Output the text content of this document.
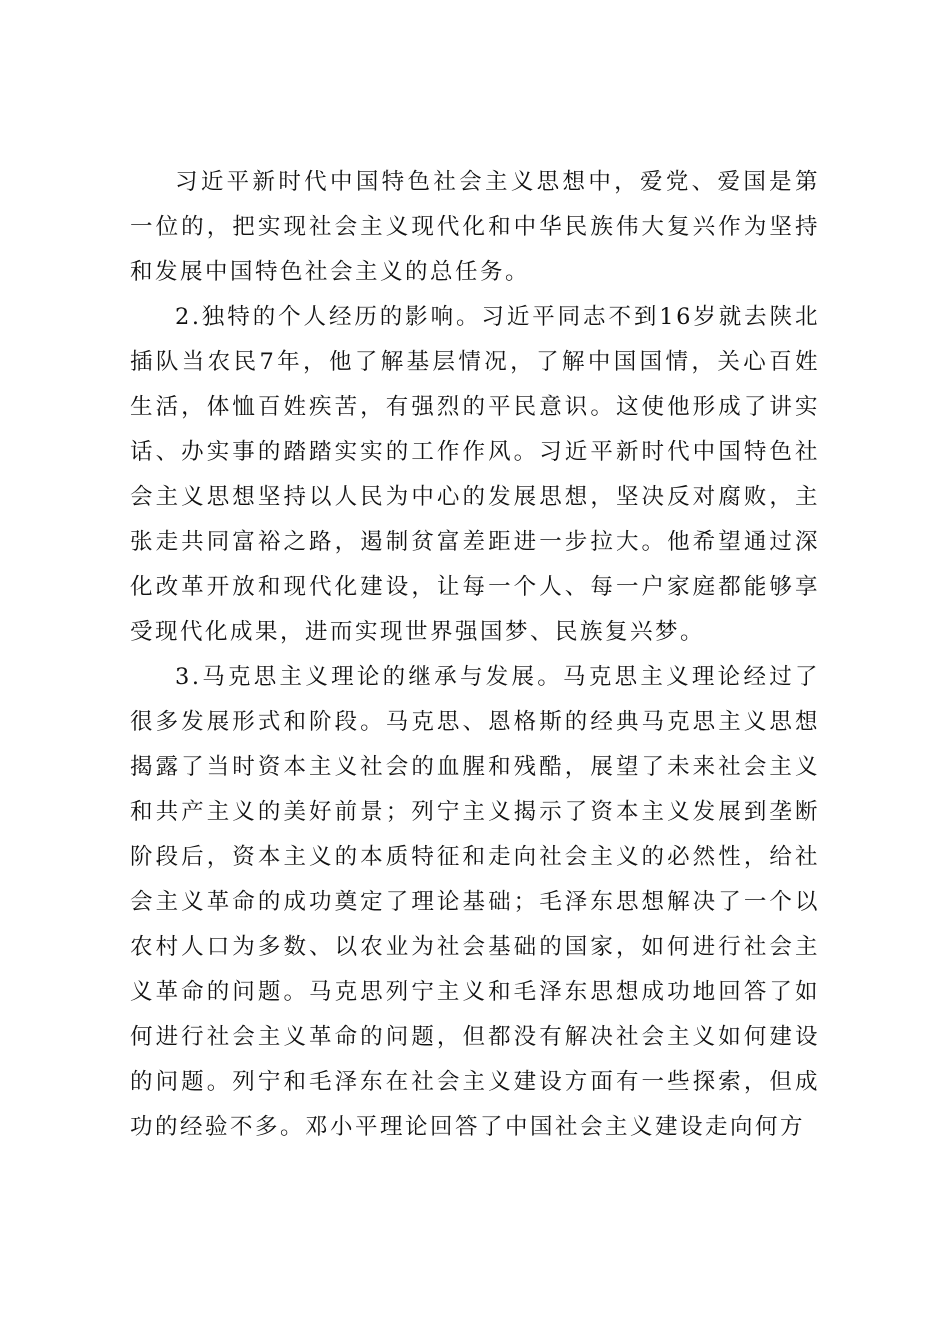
习近平新时代中国特色社会主义思想中，爱党、爱国是第一位的，把实现社会主义现代化和中华民族伟大复兴作为坚持和发展中国特色社会主义的总任务。

2.独特的个人经历的影响。习近平同志不到16岁就去陕北插队当农民7年，他了解基层情况，了解中国国情，关心百姓生活，体恤百姓疾苦，有强烈的平民意识。这使他形成了讲实话、办实事的踏踏实实的工作作风。习近平新时代中国特色社会主义思想坚持以人民为中心的发展思想，坚决反对腐败，主张走共同富裕之路，遏制贫富差距进一步拉大。他希望通过深化改革开放和现代化建设，让每一个人、每一户家庭都能够享受现代化成果，进而实现世界强国梦、民族复兴梦。

3.马克思主义理论的继承与发展。马克思主义理论经过了很多发展形式和阶段。马克思、恩格斯的经典马克思主义思想揭露了当时资本主义社会的血腥和残酷，展望了未来社会主义和共产主义的美好前景；列宁主义揭示了资本主义发展到垄断阶段后，资本主义的本质特征和走向社会主义的必然性，给社会主义革命的成功奠定了理论基础；毛泽东思想解决了一个以农村人口为多数、以农业为社会基础的国家，如何进行社会主义革命的问题。马克思列宁主义和毛泽东思想成功地回答了如何进行社会主义革命的问题，但都没有解决社会主义如何建设的问题。列宁和毛泽东在社会主义建设方面有一些探索，但成功的经验不多。邓小平理论回答了中国社会主义建设走向何方
